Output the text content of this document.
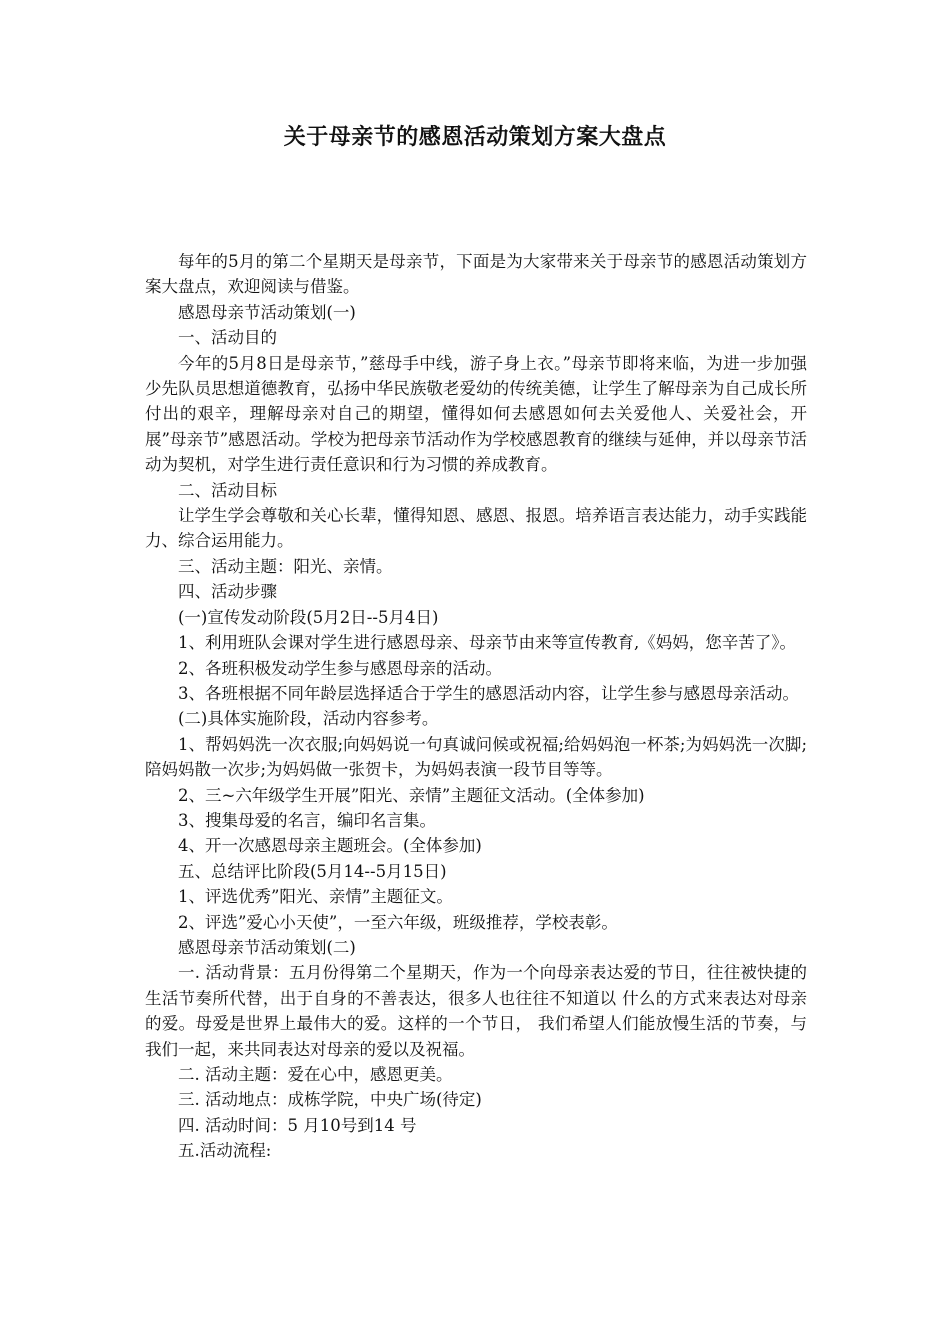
关于母亲节的感恩活动策划方案大盘点

每年的5月的第二个星期天是母亲节，下面是为大家带来关于母亲节的感恩活动策划方案大盘点，欢迎阅读与借鉴。

感恩母亲节活动策划(一)

一、活动目的

今年的5月8日是母亲节，”慈母手中线，游子身上衣。”母亲节即将来临，为进一步加强少先队员思想道德教育，弘扬中华民族敬老爱幼的传统美德，让学生了解母亲为自己成长所付出的艰辛，理解母亲对自己的期望，懂得如何去感恩如何去关爱他人、关爱社会，开展”母亲节”感恩活动。学校为把母亲节活动作为学校感恩教育的继续与延伸，并以母亲节活动为契机，对学生进行责任意识和行为习惯的养成教育。

二、活动目标

让学生学会尊敬和关心长辈，懂得知恩、感恩、报恩。培养语言表达能力，动手实践能力、综合运用能力。

三、活动主题：阳光、亲情。

四、活动步骤

(一)宣传发动阶段(5月2日--5月4日)

1、利用班队会课对学生进行感恩母亲、母亲节由来等宣传教育,《妈妈，您辛苦了》。

2、各班积极发动学生参与感恩母亲的活动。

3、各班根据不同年龄层选择适合于学生的感恩活动内容，让学生参与感恩母亲活动。

(二)具体实施阶段，活动内容参考。

1、帮妈妈洗一次衣服;向妈妈说一句真诚问候或祝福;给妈妈泡一杯茶;为妈妈洗一次脚;陪妈妈散一次步;为妈妈做一张贺卡，为妈妈表演一段节目等等。

2、三~六年级学生开展”阳光、亲情”主题征文活动。(全体参加)

3、搜集母爱的名言，编印名言集。

4、开一次感恩母亲主题班会。(全体参加)

五、总结评比阶段(5月14--5月15日)

1、评选优秀”阳光、亲情”主题征文。

2、评选”爱心小天使”，一至六年级，班级推荐，学校表彰。

感恩母亲节活动策划(二)

一. 活动背景：五月份得第二个星期天，作为一个向母亲表达爱的节日，往往被快捷的生活节奏所代替，出于自身的不善表达，很多人也往往不知道以 什么的方式来表达对母亲的爱。母爱是世界上最伟大的爱。这样的一个节日， 我们希望人们能放慢生活的节奏，与我们一起，来共同表达对母亲的爱以及祝福。

二. 活动主题：爱在心中，感恩更美。

三. 活动地点：成栋学院，中央广场(待定)

四. 活动时间：5 月10号到14 号

五.活动流程:
